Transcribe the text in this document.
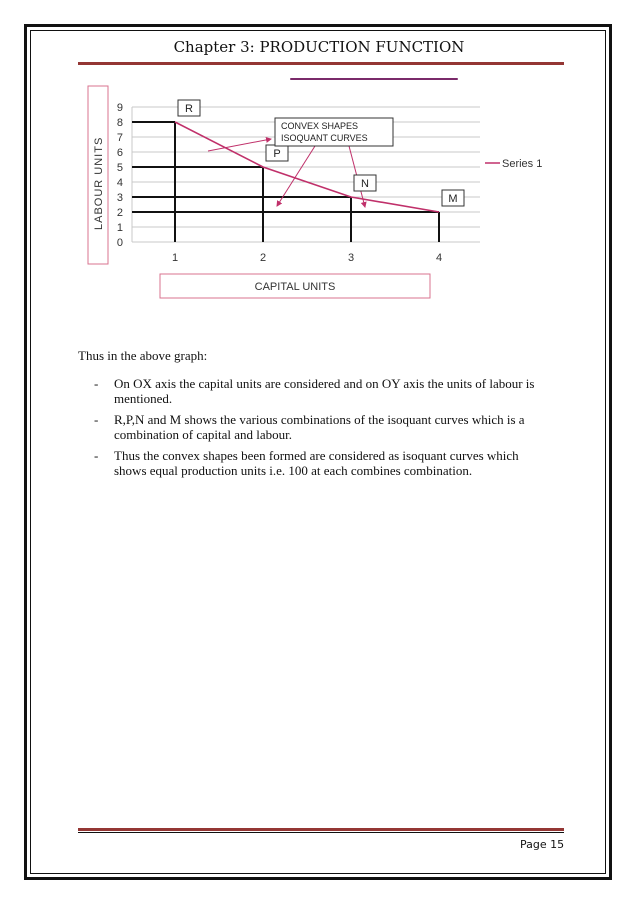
Chapter 3: PRODUCTION FUNCTION
0
1
2
3
4
5
6
7
8
9
1	2	3	4
R
P
N
M
CONVEX SHAPES
ISOQUANT CURVES
Series 1
LABOUR UNITS
CAPITAL UNITS
Thus in the above graph:
- On OX axis the capital units are considered and on OY axis the units of labour is mentioned.
- R,P,N and M shows the various combinations of the isoquant curves which is a combination of capital and labour.
- Thus the convex shapes been formed are considered as isoquant curves which shows equal production units i.e. 100 at each combines combination.
Page 15
